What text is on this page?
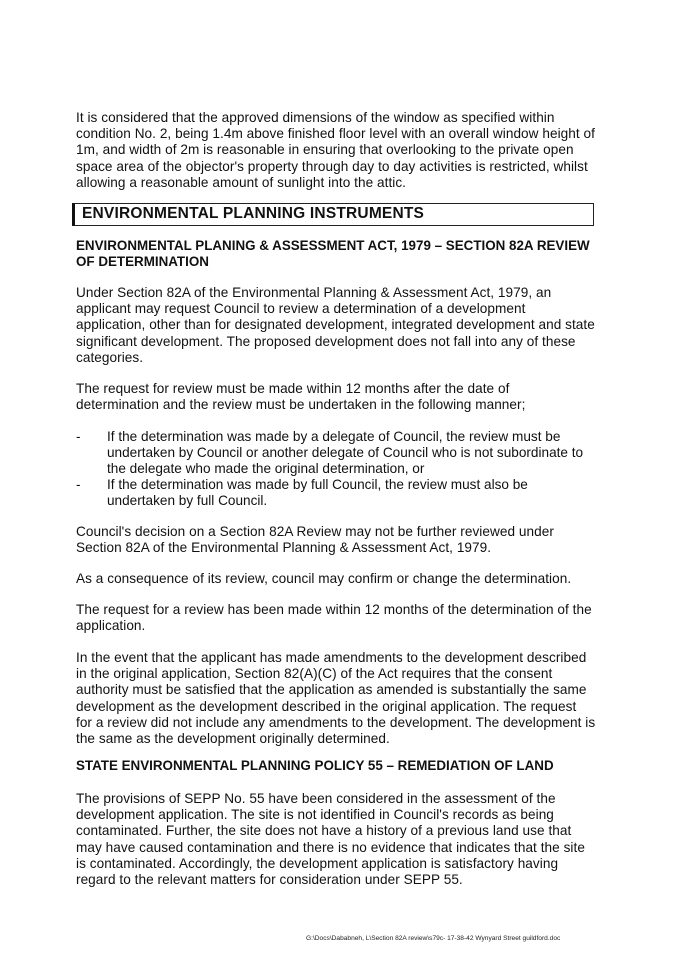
It is considered that the approved dimensions of the window as specified within condition No. 2, being 1.4m above finished floor level with an overall window height of 1m, and width of 2m is reasonable in ensuring that overlooking to the private open space area of the objector's property through day to day activities is restricted, whilst allowing a reasonable amount of sunlight into the attic.

ENVIRONMENTAL PLANNING INSTRUMENTS

ENVIRONMENTAL PLANING & ASSESSMENT ACT, 1979 – SECTION 82A REVIEW OF DETERMINATION

Under Section 82A of the Environmental Planning & Assessment Act, 1979, an applicant may request Council to review a determination of a development application, other than for designated development, integrated development and state significant development. The proposed development does not fall into any of these categories.

The request for review must be made within 12 months after the date of determination and the review must be undertaken in the following manner;

-	If the determination was made by a delegate of Council, the review must be undertaken by Council or another delegate of Council who is not subordinate to the delegate who made the original determination, or
-	If the determination was made by full Council, the review must also be undertaken by full Council.

Council's decision on a Section 82A Review may not be further reviewed under Section 82A of the Environmental Planning & Assessment Act, 1979.

As a consequence of its review, council may confirm or change the determination.

The request for a review has been made within 12 months of the determination of the application.

In the event that the applicant has made amendments to the development described in the original application, Section 82(A)(C) of the Act requires that the consent authority must be satisfied that the application as amended is substantially the same development as the development described in the original application. The request for a review did not include any amendments to the development. The development is the same as the development originally determined.

STATE ENVIRONMENTAL PLANNING POLICY 55 – REMEDIATION OF LAND

The provisions of SEPP No. 55 have been considered in the assessment of the development application. The site is not identified in Council's records as being contaminated. Further, the site does not have a history of a previous land use that may have caused contamination and there is no evidence that indicates that the site is contaminated. Accordingly, the development application is satisfactory having regard to the relevant matters for consideration under SEPP 55.

G:\Docs\Dababneh, L\Section 82A review\s79c- 17-38-42 Wynyard Street guildford.doc
